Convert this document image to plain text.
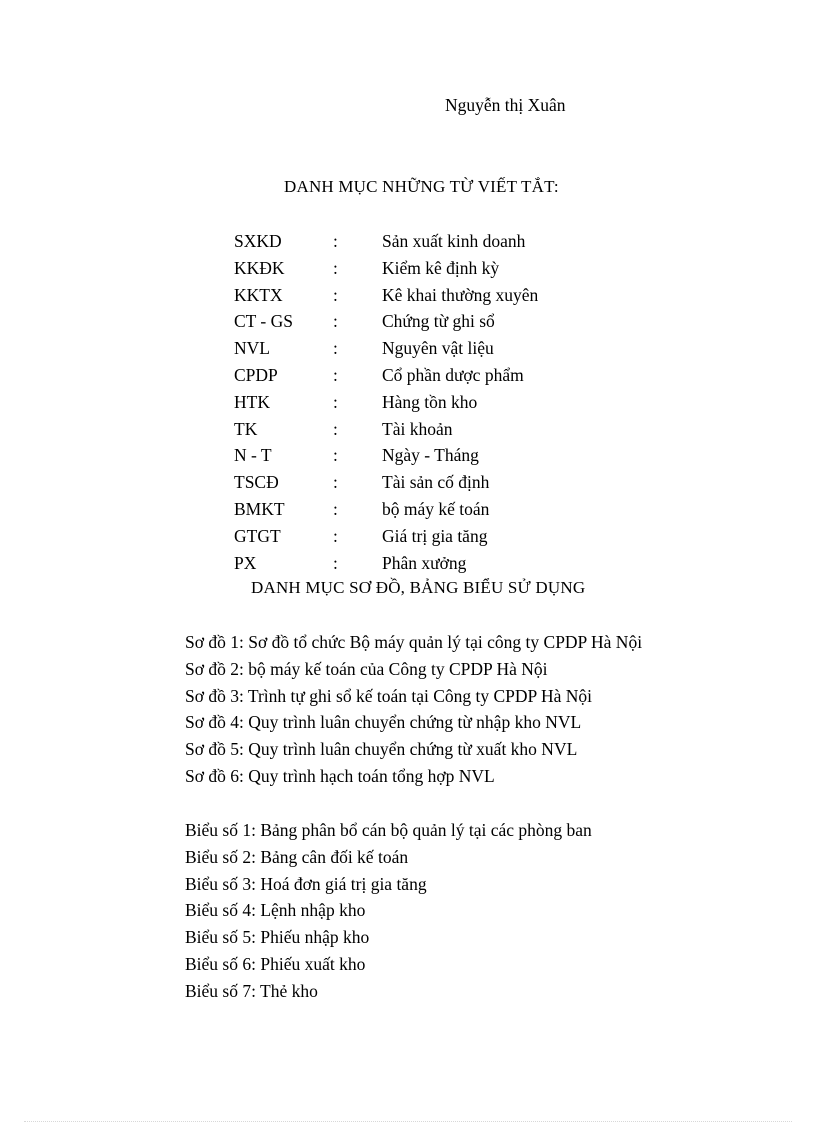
Nguyễn thị Xuân
DANH MỤC NHỮNG TỪ VIẾT TẮT:
SXKD	:	Sản xuất kinh doanh
KKĐK	:	Kiểm kê định kỳ
KKTX	:	Kê khai thường xuyên
CT - GS :	Chứng từ ghi sổ
NVL	:	Nguyên vật liệu
CPDP	:	Cổ phần dược phẩm
HTK	:	Hàng tồn kho
TK	:	Tài khoản
N - T	:	Ngày - Tháng
TSCĐ	:	Tài sản cố định
BMKT	:	bộ máy kế toán
GTGT	:	Giá trị gia tăng
PX	:	Phân xưởng
DANH MỤC SƠ ĐỒ, BẢNG BIỂU SỬ DỤNG
Sơ đồ 1: Sơ đồ tổ chức Bộ máy quản lý tại công ty CPDP Hà Nội
Sơ đồ 2: bộ máy kế toán của Công ty CPDP Hà Nội
Sơ đồ 3: Trình tự ghi sổ kế toán tại Công ty CPDP Hà Nội
Sơ đồ 4: Quy trình luân chuyển chứng từ nhập kho NVL
Sơ đồ 5: Quy trình luân chuyển chứng từ xuất kho NVL
Sơ đồ 6: Quy trình hạch toán tổng hợp NVL
Biểu số 1: Bảng phân bổ cán bộ quản lý tại các phòng ban
Biểu số 2: Bảng cân đối kế toán
Biểu số 3: Hoá đơn giá trị gia tăng
Biểu số 4: Lệnh nhập kho
Biểu số 5: Phiếu nhập kho
Biểu số 6: Phiếu xuất kho
Biểu số 7: Thẻ kho
